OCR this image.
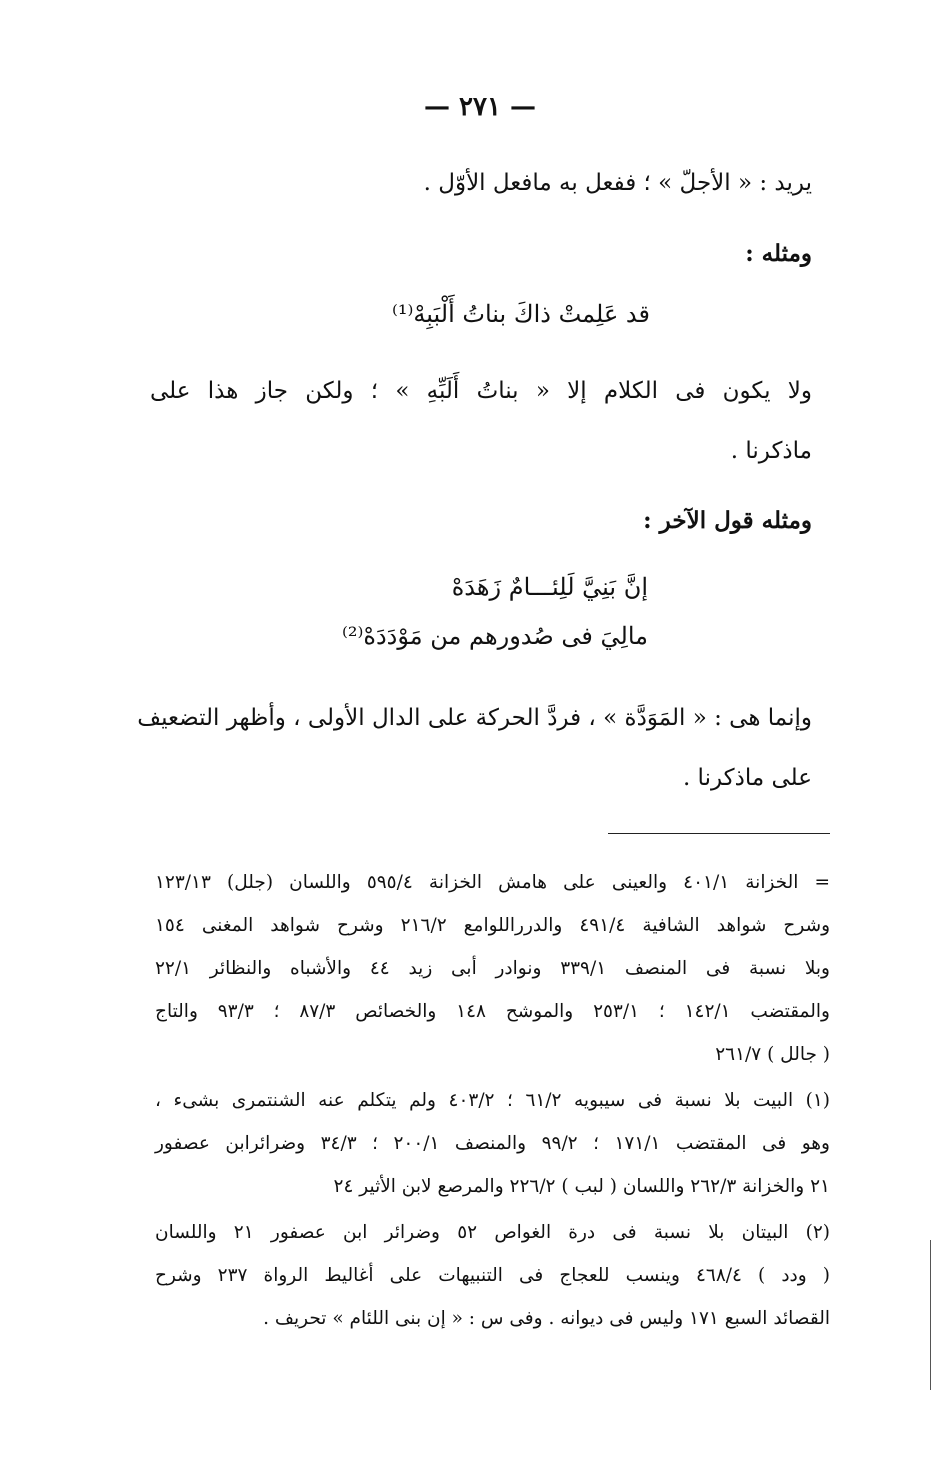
— ٢٧١ —
يريد : « الأجلّ » ؛ ففعل به مافعل الأوّل .
ومثله :
قد عَلِمتْ ذاكَ بناتُ أَلْبَبِهْ⁽¹⁾
ولا يكون فى الكلام إلا « بناتُ أَلَبِّهِ » ؛ ولكن جاز هذا على
ماذكرنا .
ومثله قول الآخر :
إنَّ بَنِيَّ لَلِئـــامٌ زَهَدَهْ
مالِيَ فى صُدورهم من مَوْدَدَهْ⁽²⁾
وإنما هى : « المَوَدَّة » ، فردَّ الحركة على الدال الأولى ، وأظهر التضعيف
على ماذكرنا .
= الخزانة ٤٠١/١ والعينى على هامش الخزانة ٥٩٥/٤ واللسان (جلل) ١٢٣/١٣
وشرح شواهد الشافية ٤٩١/٤ والدرراللوامع ٢١٦/٢ وشرح شواهد المغنى ١٥٤
وبلا نسبة فى المنصف ٣٣٩/١ ونوادر أبى زيد ٤٤ والأشباه والنظائر ٢٢/١
والمقتضب ١٤٢/١ ؛ ٢٥٣/١ والموشح ١٤٨ والخصائص ٨٧/٣ ؛ ٩٣/٣ والتاج
( جالل ) ٢٦١/٧
(١) البيت بلا نسبة فى سيبويه ٦١/٢ ؛ ٤٠٣/٢ ولم يتكلم عنه الشنتمرى بشىء ،
وهو فى المقتضب ١٧١/١ ؛ ٩٩/٢ والمنصف ٢٠٠/١ ؛ ٣٤/٣ وضرائرابن عصفور
٢١ والخزانة ٢٦٢/٣ واللسان ( لبب ) ٢٢٦/٢ والمرصع لابن الأثير ٢٤
(٢) البيتان بلا نسبة فى درة الغواص ٥٢ وضرائر ابن عصفور ٢١ واللسان
( ودد ) ٤٦٨/٤ وينسب للعجاج فى التنبيهات على أغاليط الرواة ٢٣٧ وشرح
القصائد السبع ١٧١ وليس فى ديوانه . وفى س : « إن بنى اللئام » تحريف .
